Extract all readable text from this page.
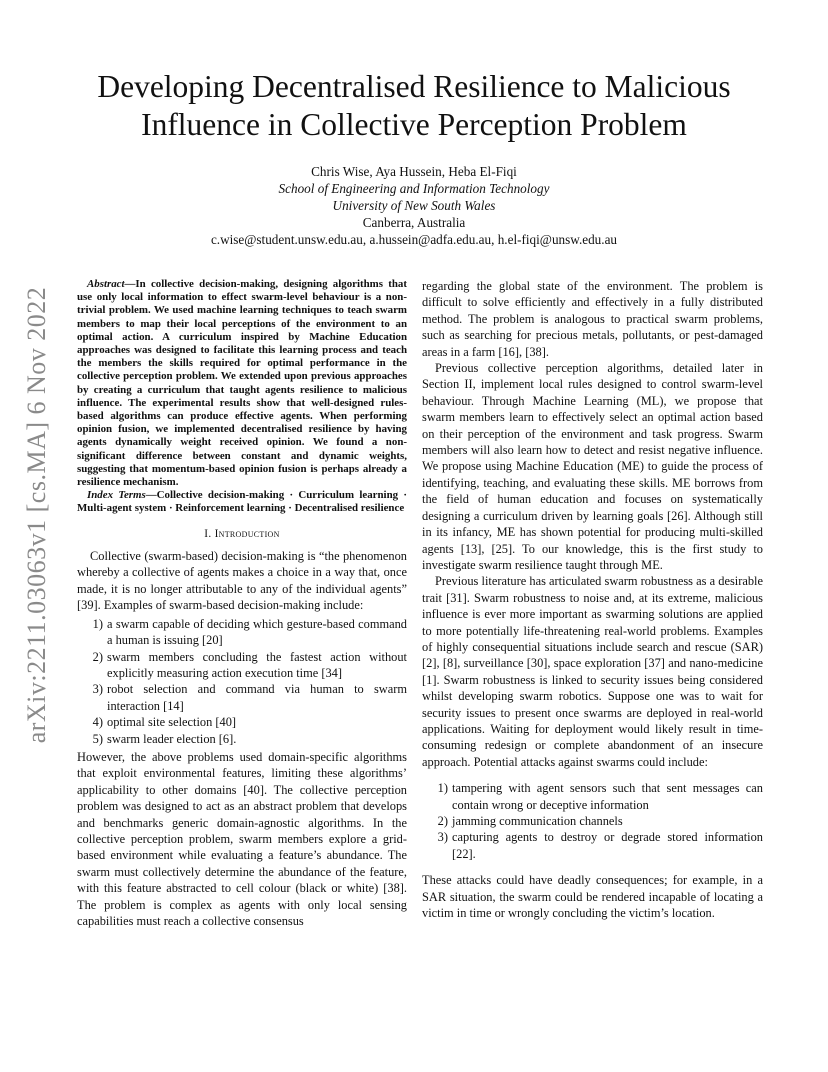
arXiv:2211.03063v1 [cs.MA] 6 Nov 2022
Developing Decentralised Resilience to Malicious
Influence in Collective Perception Problem
Chris Wise, Aya Hussein, Heba El-Fiqi
School of Engineering and Information Technology
University of New South Wales
Canberra, Australia
c.wise@student.unsw.edu.au, a.hussein@adfa.edu.au, h.el-fiqi@unsw.edu.au
Abstract—In collective decision-making, designing algorithms that use only local information to effect swarm-level behaviour is a non-trivial problem. We used machine learning techniques to teach swarm members to map their local perceptions of the environment to an optimal action. A curriculum inspired by Machine Education approaches was designed to facilitate this learning process and teach the members the skills required for optimal performance in the collective perception problem. We extended upon previous approaches by creating a curriculum that taught agents resilience to malicious influence. The experimental results show that well-designed rules-based algorithms can produce effective agents. When performing opinion fusion, we implemented decentralised resilience by having agents dynamically weight received opinion. We found a non-significant difference between constant and dynamic weights, suggesting that momentum-based opinion fusion is perhaps already a resilience mechanism.
Index Terms—Collective decision-making · Curriculum learning · Multi-agent system · Reinforcement learning · Decentralised resilience
I. Introduction

Collective (swarm-based) decision-making is “the phenomenon whereby a collective of agents makes a choice in a way that, once made, it is no longer attributable to any of the individual agents” [39]. Examples of swarm-based decision-making include:

1) a swarm capable of deciding which gesture-based command a human is issuing [20]
2) swarm members concluding the fastest action without explicitly measuring action execution time [34]
3) robot selection and command via human to swarm interaction [14]
4) optimal site selection [40]
5) swarm leader election [6].

However, the above problems used domain-specific algorithms that exploit environmental features, limiting these algorithms’ applicability to other domains [40]. The collective perception problem was designed to act as an abstract problem that develops and benchmarks generic domain-agnostic algorithms. In the collective perception problem, swarm members explore a grid-based environment while evaluating a feature’s abundance. The swarm must collectively determine the abundance of the feature, with this feature abstracted to cell colour (black or white) [38]. The problem is complex as agents with only local sensing capabilities must reach a collective consensus

regarding the global state of the environment. The problem is difficult to solve efficiently and effectively in a fully distributed method. The problem is analogous to practical swarm problems, such as searching for precious metals, pollutants, or pest-damaged areas in a farm [16], [38].

Previous collective perception algorithms, detailed later in Section II, implement local rules designed to control swarm-level behaviour. Through Machine Learning (ML), we propose that swarm members learn to effectively select an optimal action based on their perception of the environment and task progress. Swarm members will also learn how to detect and resist negative influence. We propose using Machine Education (ME) to guide the process of identifying, teaching, and evaluating these skills. ME borrows from the field of human education and focuses on systematically designing a curriculum driven by learning goals [26]. Although still in its infancy, ME has shown potential for producing multi-skilled agents [13], [25]. To our knowledge, this is the first study to investigate swarm resilience taught through ME.

Previous literature has articulated swarm robustness as a desirable trait [31]. Swarm robustness to noise and, at its extreme, malicious influence is ever more important as swarming solutions are applied to more potentially life-threatening real-world problems. Examples of highly consequential situations include search and rescue (SAR) [2], [8], surveillance [30], space exploration [37] and nano-medicine [1]. Swarm robustness is linked to security issues being considered whilst developing swarm robotics. Suppose one was to wait for security issues to present once swarms are deployed in real-world applications. Waiting for deployment would likely result in time-consuming redesign or complete abandonment of an insecure approach. Potential attacks against swarms could include:

1) tampering with agent sensors such that sent messages can contain wrong or deceptive information
2) jamming communication channels
3) capturing agents to destroy or degrade stored information [22].

These attacks could have deadly consequences; for example, in a SAR situation, the swarm could be rendered incapable of locating a victim in time or wrongly concluding the victim’s location.
